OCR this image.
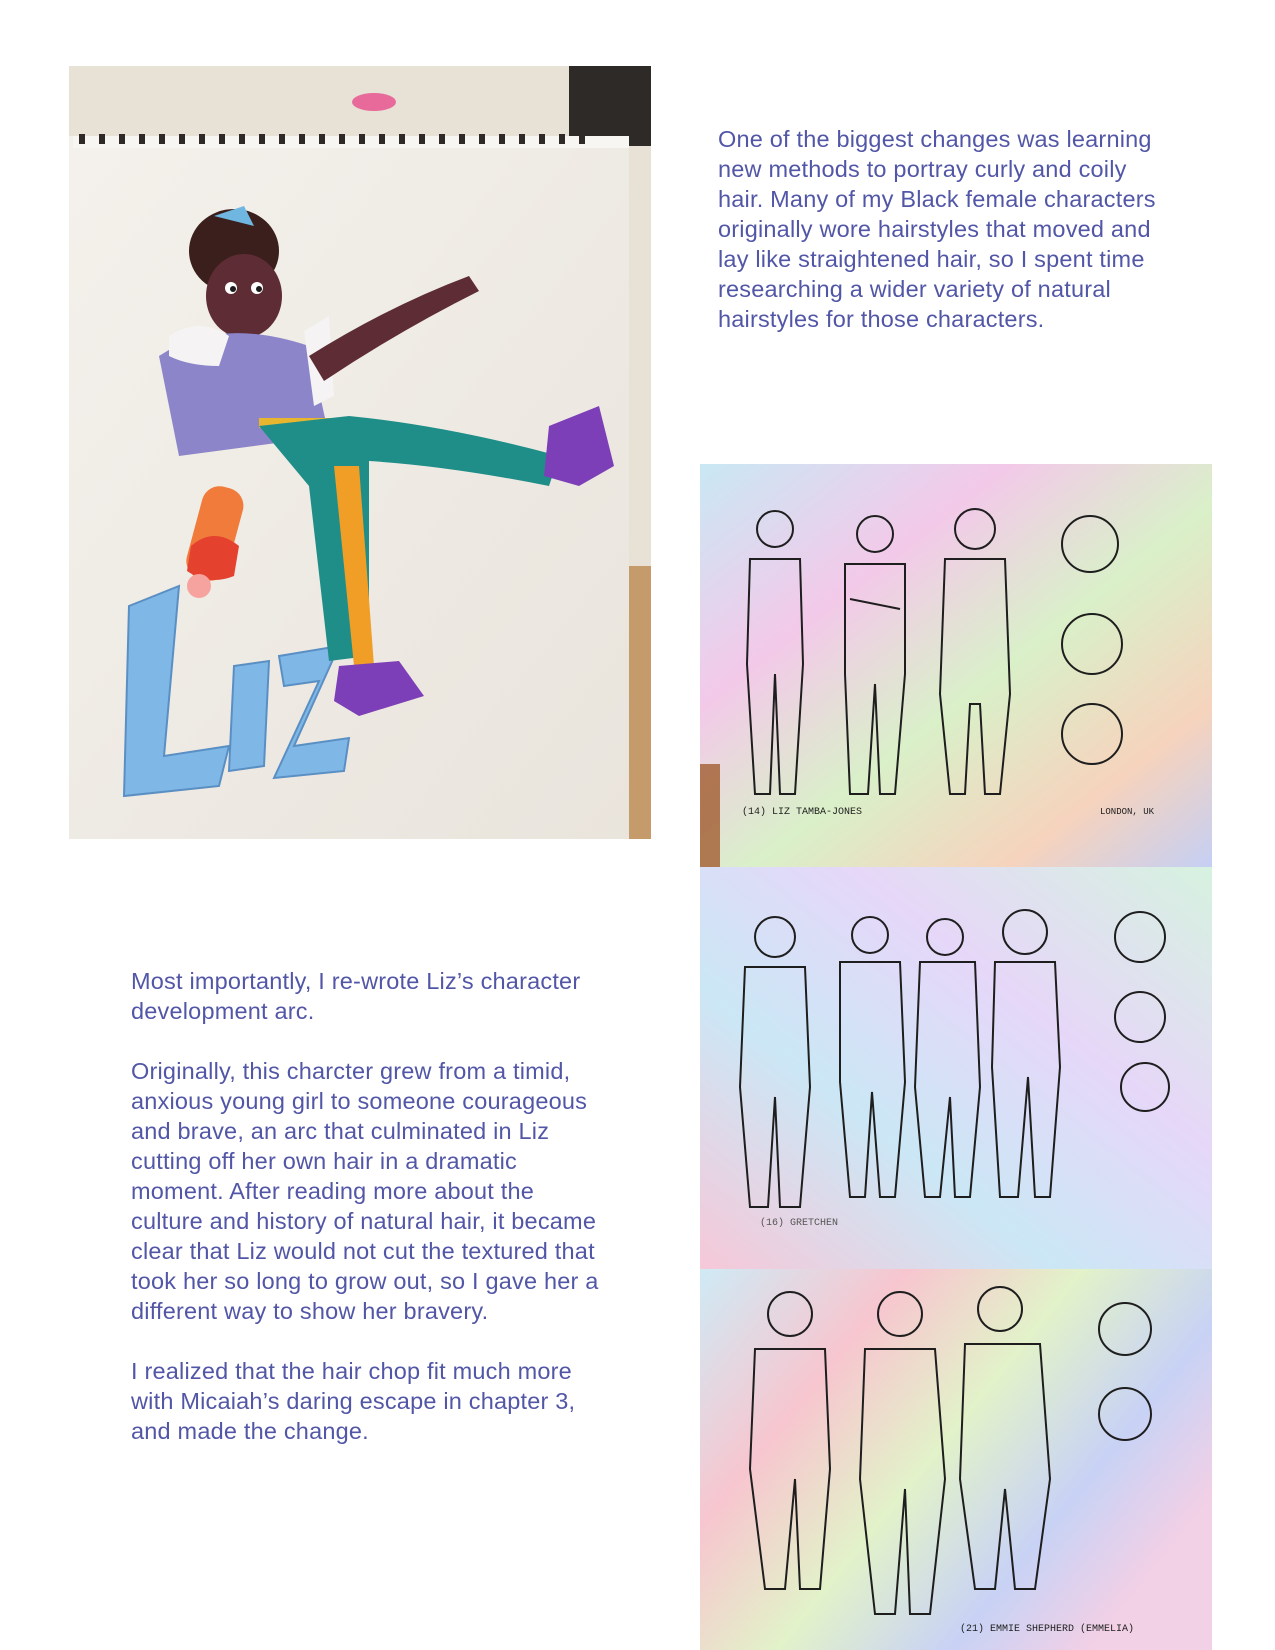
One of the biggest changes was learning new methods to portray curly and coily hair. Many of my Black female characters originally wore hairstyles that moved and lay like straightened hair, so I spent time researching a wider variety of natural hairstyles for those characters.

Most importantly, I re-wrote Liz’s character development arc.

Originally, this charcter grew from a timid, anxious young girl to someone courageous and brave, an arc that culminated in Liz cutting off her own hair in a dramatic moment. After reading more about the culture and history of natural hair, it became clear that Liz would not cut the textured that took her so long to grow out, so I gave her a different way to show her bravery.

I realized that the hair chop fit much more with Micaiah’s daring escape in chapter 3, and made the change.

(14) LIZ TAMBA-JONES	LONDON, UK
(16) GRETCHEN
(21) EMMIE SHEPHERD (EMMELIA)
